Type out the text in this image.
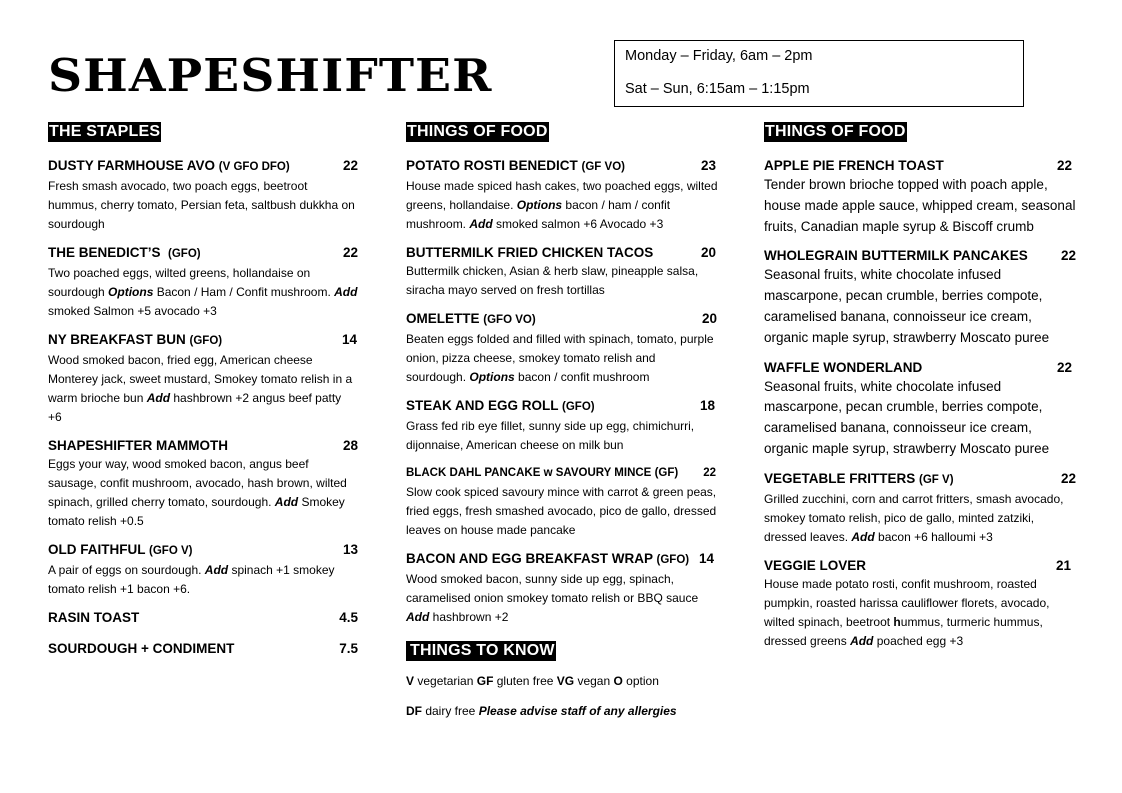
SHAPESHIFTER	Monday – Friday, 6am – 2pm
Sat – Sun, 6:15am – 1:15pm
THE STAPLES
DUSTY FARMHOUSE AVO (V GFO DFO)	22
Fresh smash avocado, two poach eggs, beetroot hummus, cherry tomato, Persian feta, saltbush dukkha on sourdough
THE BENEDICT’S (GFO)	22
Two poached eggs, wilted greens, hollandaise on sourdough Options Bacon / Ham / Confit mushroom. Add smoked Salmon +5 avocado +3
NY BREAKFAST BUN (GFO)	14
Wood smoked bacon, fried egg, American cheese Monterey jack, sweet mustard, Smokey tomato relish in a warm brioche bun Add hashbrown +2 angus beef patty +6
SHAPESHIFTER MAMMOTH	28
Eggs your way, wood smoked bacon, angus beef sausage, confit mushroom, avocado, hash brown, wilted spinach, grilled cherry tomato, sourdough. Add Smokey tomato relish +0.5
OLD FAITHFUL (GFO V)	13
A pair of eggs on sourdough. Add spinach +1 smokey tomato relish +1 bacon +6.
RASIN TOAST	4.5
SOURDOUGH + CONDIMENT	7.5
THINGS OF FOOD
POTATO ROSTI BENEDICT (GF VO)	23
House made spiced hash cakes, two poached eggs, wilted greens, hollandaise. Options bacon / ham / confit mushroom. Add smoked salmon +6 Avocado +3
BUTTERMILK FRIED CHICKEN TACOS	20
Buttermilk chicken, Asian & herb slaw, pineapple salsa, siracha mayo served on fresh tortillas
OMELETTE (GFO VO)	20
Beaten eggs folded and filled with spinach, tomato, purple onion, pizza cheese, smokey tomato relish and sourdough. Options bacon / confit mushroom
STEAK AND EGG ROLL (GFO)	18
Grass fed rib eye fillet, sunny side up egg, chimichurri, dijonnaise, American cheese on milk bun
BLACK DAHL PANCAKE w SAVOURY MINCE (GF) 22
Slow cook spiced savoury mince with carrot & green peas, fried eggs, fresh smashed avocado, pico de gallo, dressed leaves on house made pancake
BACON AND EGG BREAKFAST WRAP (GFO) 14
Wood smoked bacon, sunny side up egg, spinach, caramelised onion smokey tomato relish or BBQ sauce Add hashbrown +2
THINGS TO KNOW
V vegetarian GF gluten free VG vegan O option
DF dairy free Please advise staff of any allergies
THINGS OF FOOD
APPLE PIE FRENCH TOAST	22
Tender brown brioche topped with poach apple, house made apple sauce, whipped cream, seasonal fruits, Canadian maple syrup & Biscoff crumb
WHOLEGRAIN BUTTERMILK PANCAKES 22
Seasonal fruits, white chocolate infused mascarpone, pecan crumble, berries compote, caramelised banana, connoisseur ice cream, organic maple syrup, strawberry Moscato puree
WAFFLE WONDERLAND	22
Seasonal fruits, white chocolate infused mascarpone, pecan crumble, berries compote, caramelised banana, connoisseur ice cream, organic maple syrup, strawberry Moscato puree
VEGETABLE FRITTERS (GF V)	22
Grilled zucchini, corn and carrot fritters, smash avocado, smokey tomato relish, pico de gallo, minted zatziki, dressed leaves. Add bacon +6 halloumi +3
VEGGIE LOVER	21
House made potato rosti, confit mushroom, roasted pumpkin, roasted harissa cauliflower florets, avocado, wilted spinach, beetroot hummus, turmeric hummus, dressed greens Add poached egg +3
